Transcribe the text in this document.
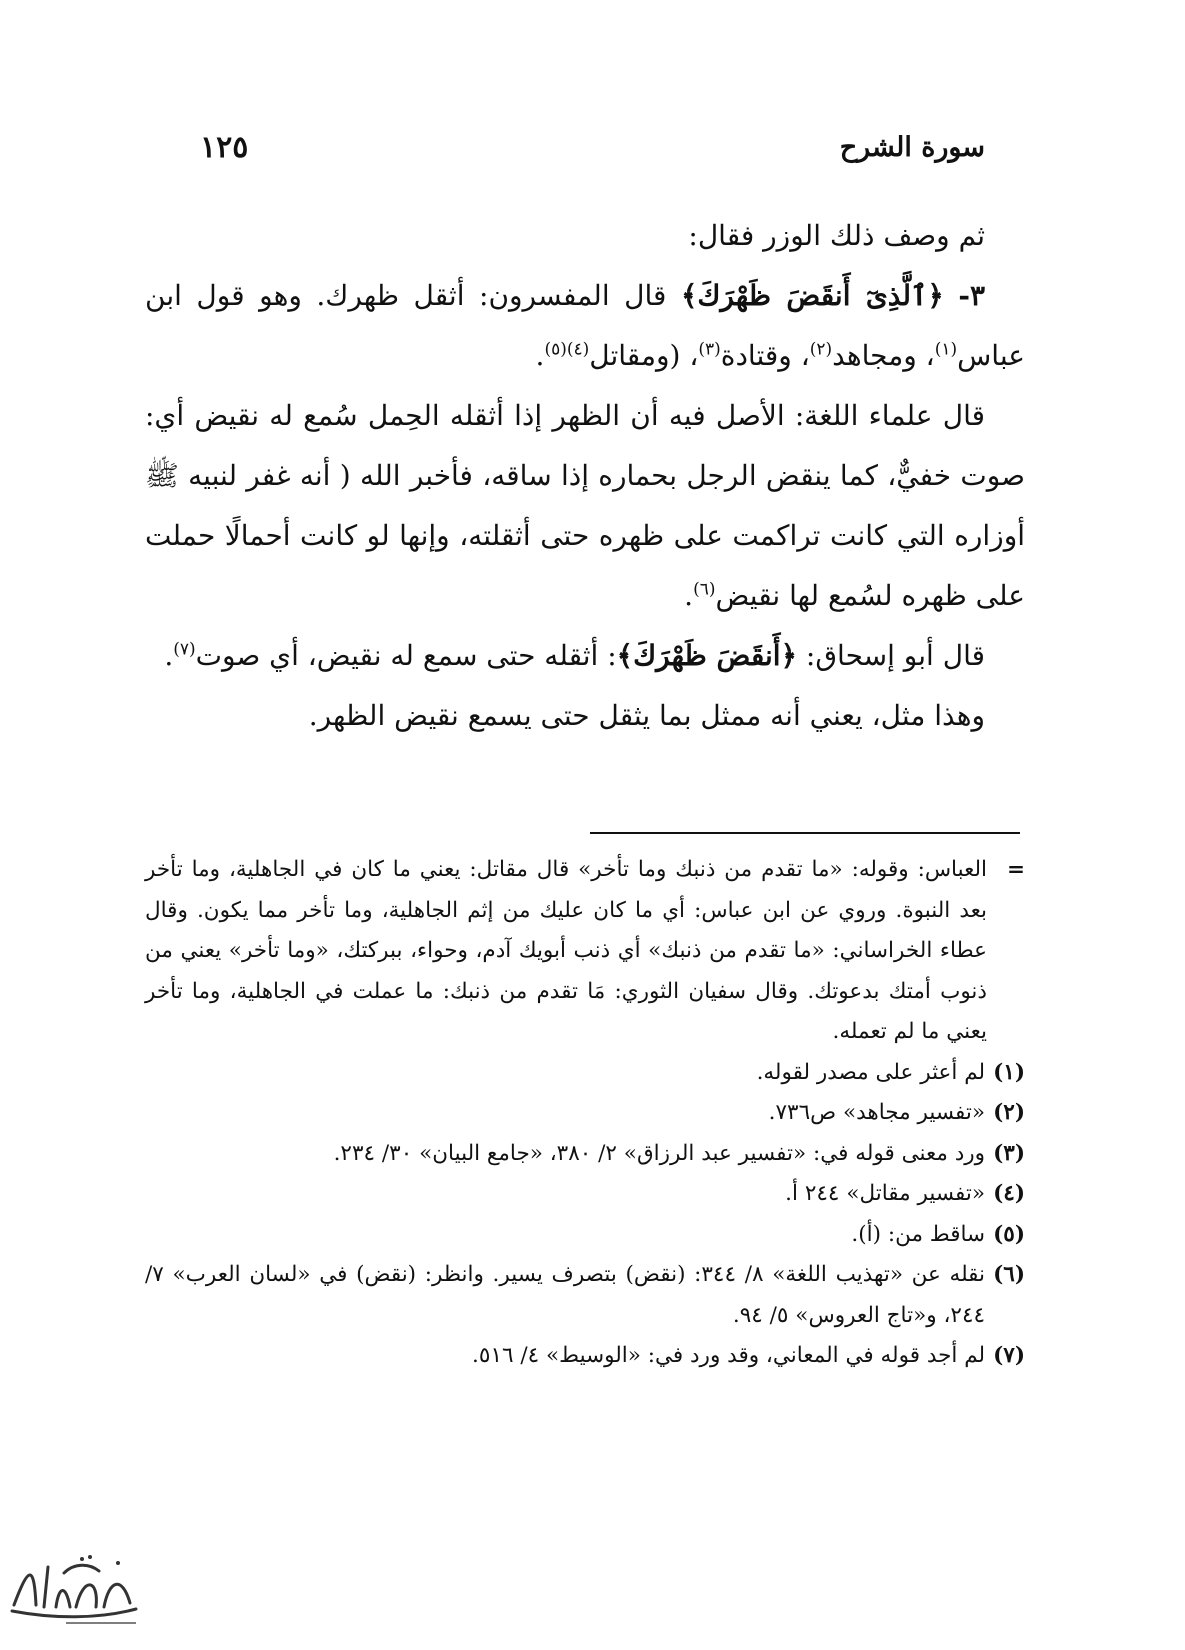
سورة الشرح
١٢٥

ثم وصف ذلك الوزر فقال:

٣- ﴿ٱلَّذِىٓ أَنقَضَ ظَهْرَكَ﴾ قال المفسرون: أثقل ظهرك. وهو قول ابن عباس$^{(١)}$، ومجاهد$^{(٢)}$، وقتادة$^{(٣)}$، (ومقاتل$^{(٤)(٥)}$.

قال علماء اللغة: الأصل فيه أن الظهر إذا أثقله الحِمل سُمع له نقيض أي: صوت خفيٌّ، كما ينقض الرجل بحماره إذا ساقه، فأخبر الله ( أنه غفر لنبيه ﷺ أوزاره التي كانت تراكمت على ظهره حتى أثقلته، وإنها لو كانت أحمالًا حملت على ظهره لسُمع لها نقيض$^{(٦)}$.

قال أبو إسحاق: ﴿أَنقَضَ ظَهْرَكَ﴾: أثقله حتى سمع له نقيض، أي صوت$^{(٧)}$.

وهذا مثل، يعني أنه ممثل بما يثقل حتى يسمع نقيض الظهر.

=
العباس: وقوله: «ما تقدم من ذنبك وما تأخر» قال مقاتل: يعني ما كان في الجاهلية، وما تأخر بعد النبوة. وروي عن ابن عباس: أي ما كان عليك من إثم الجاهلية، وما تأخر مما يكون. وقال عطاء الخراساني: «ما تقدم من ذنبك» أي ذنب أبويك آدم، وحواء، ببركتك، «وما تأخر» يعني من ذنوب أمتك بدعوتك. وقال سفيان الثوري: مَا تقدم من ذنبك: ما عملت في الجاهلية، وما تأخر يعني ما لم تعمله.
(١)
لم أعثر على مصدر لقوله.
(٢)
«تفسير مجاهد» ص٧٣٦.
(٣)
ورد معنى قوله في: «تفسير عبد الرزاق» ٢/ ٣٨٠، «جامع البيان» ٣٠/ ٢٣٤.
(٤)
«تفسير مقاتل» ٢٤٤ أ.
(٥)
ساقط من: (أ).
(٦)
نقله عن «تهذيب اللغة» ٨/ ٣٤٤: (نقض) بتصرف يسير. وانظر: (نقض) في «لسان العرب» ٧/ ٢٤٤، و«تاج العروس» ٥/ ٩٤.
(٧)
لم أجد قوله في المعاني، وقد ورد في: «الوسيط» ٤/ ٥١٦.
